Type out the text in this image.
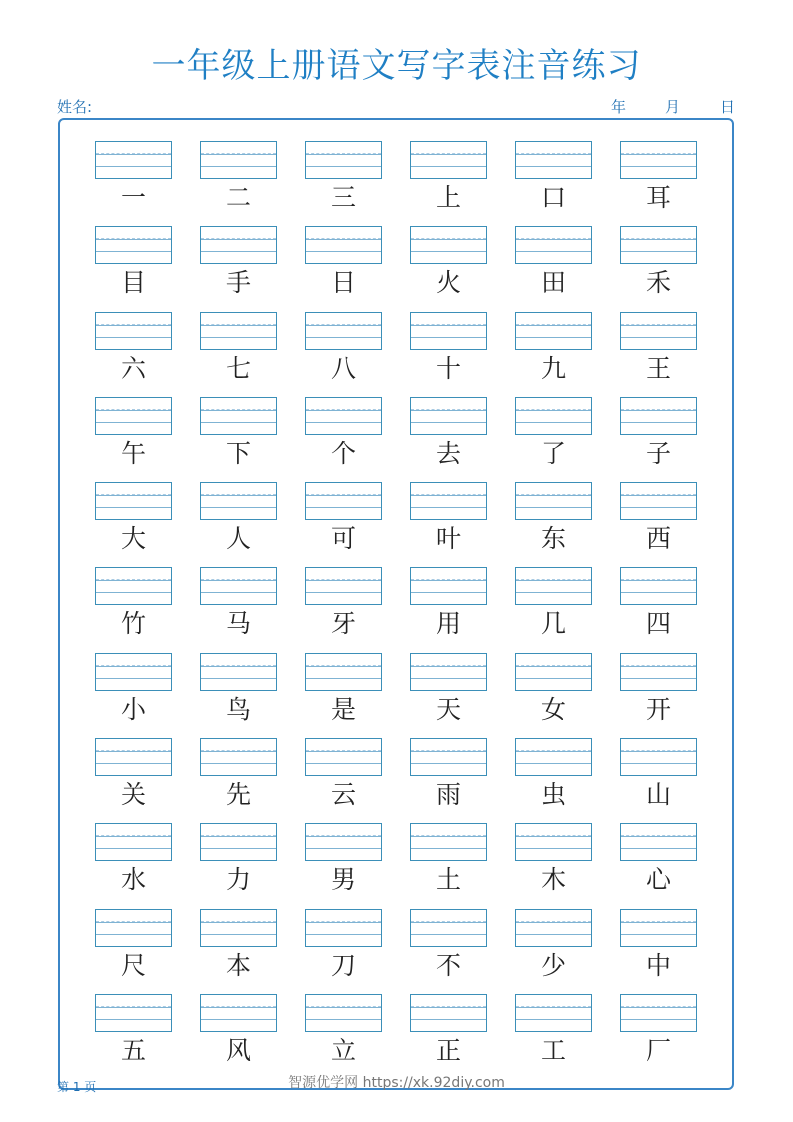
一年级上册语文写字表注音练习
姓名:	年	月	日
一	二	三	上	口	耳
目	手	日	火	田	禾
六	七	八	十	九	王
午	下	个	去	了	子
大	人	可	叶	东	西
竹	马	牙	用	几	四
小	鸟	是	天	女	开
关	先	云	雨	虫	山
水	力	男	土	木	心
尺	本	刀	不	少	中
五	风	立	正	工	厂
第 1 页	智源优学网 https://xk.92diy.com
